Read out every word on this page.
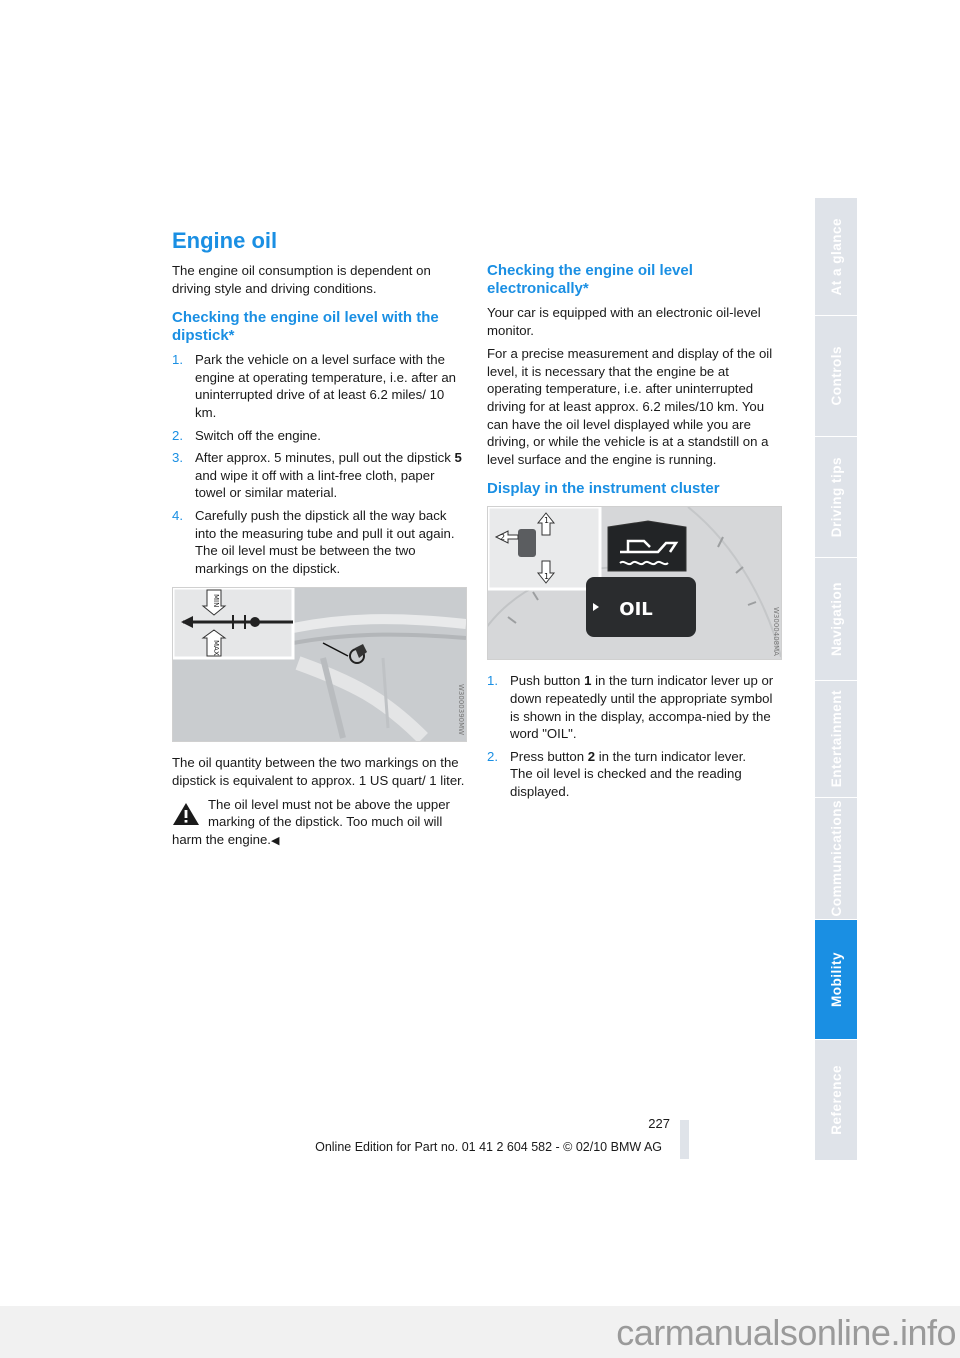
Engine oil

The engine oil consumption is dependent on driving style and driving conditions.

Checking the engine oil level with the dipstick*
1. Park the vehicle on a level surface with the engine at operating temperature, i.e. after an uninterrupted drive of at least 6.2 miles/ 10 km.
2. Switch off the engine.
3. After approx. 5 minutes, pull out the dipstick 5 and wipe it off with a lint-free cloth, paper towel or similar material.
4. Carefully push the dipstick all the way back into the measuring tube and pull it out again.
The oil level must be between the two markings on the dipstick.
MIN
MAX
W3000390MW

The oil quantity between the two markings on the dipstick is equivalent to approx. 1 US quart/ 1 liter.

The oil level must not be above the upper marking of the dipstick. Too much oil will
harm the engine.◀
Checking the engine oil level electronically*

Your car is equipped with an electronic oil-level monitor.

For a precise measurement and display of the oil level, it is necessary that the engine be at operating temperature, i.e. after uninterrupted driving for at least approx. 6.2 miles/10 km. You can have the oil level displayed while you are driving, or while the vehicle is at a standstill on a level surface and the engine is running.

Display in the instrument cluster
1
1
2
OIL	W3000408MA
1. Push button 1 in the turn indicator lever up or down repeatedly until the appropriate symbol is shown in the display, accompa-nied by the word "OIL".
2. Press button 2 in the turn indicator lever.
The oil level is checked and the reading displayed.
At a glance
Controls
Driving tips
Navigation
Entertainment
Communications
Mobility
Reference
227
Online Edition for Part no. 01 41 2 604 582 - © 02/10 BMW AG
carmanualsonline.info
